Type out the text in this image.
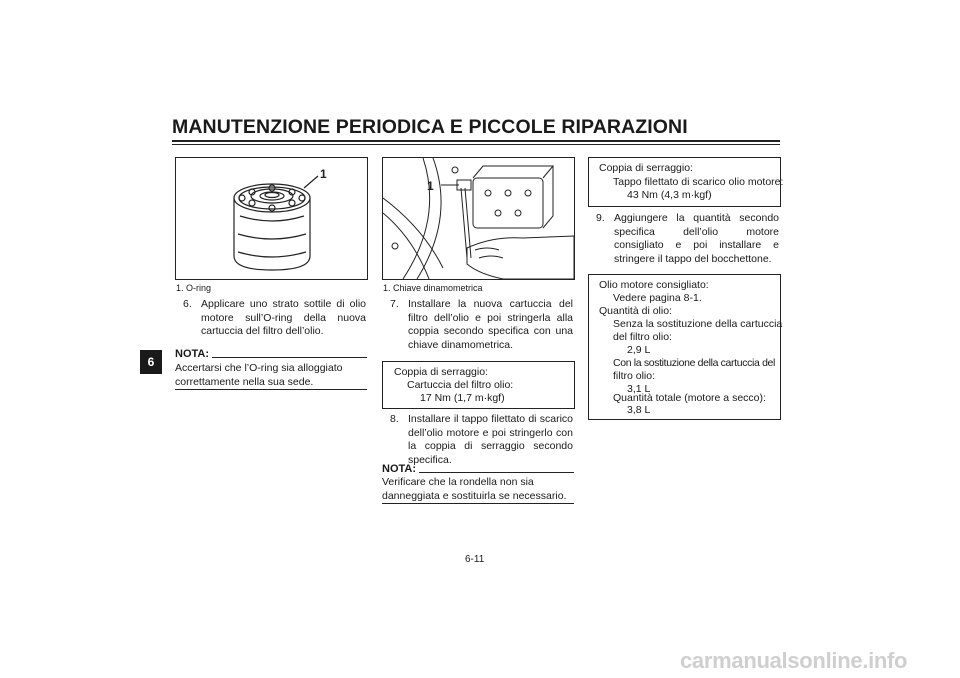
MANUTENZIONE PERIODICA E PICCOLE RIPARAZIONI
6
1
1. O-ring
6. Applicare uno strato sottile di olio motore sull’O-ring della nuova cartuccia del filtro dell’olio.
NOTA:
Accertarsi che l’O-ring sia alloggiato correttamente nella sua sede.
1
1. Chiave dinamometrica
7. Installare la nuova cartuccia del filtro dell’olio e poi stringerla alla coppia secondo specifica con una chiave dinamometrica.
Coppia di serraggio:
Cartuccia del filtro olio:
17 Nm (1,7 m·kgf)
8. Installare il tappo filettato di scarico dell’olio motore e poi stringerlo con la coppia di serraggio secondo specifica.
NOTA:
Verificare che la rondella non sia danneggiata e sostituirla se necessario.
Coppia di serraggio:
Tappo filettato di scarico olio motore:
43 Nm (4,3 m·kgf)
9. Aggiungere la quantità secondo specifica dell’olio motore consigliato e poi installare e stringere il tappo del bocchettone.
Olio motore consigliato:
Vedere pagina 8-1.
Quantità di olio:
Senza la sostituzione della cartuccia
del filtro olio:
2,9 L
Con la sostituzione della cartuccia del
filtro olio:
3,1 L
Quantità totale (motore a secco):
3,8 L
6-11
carmanualsonline.info
